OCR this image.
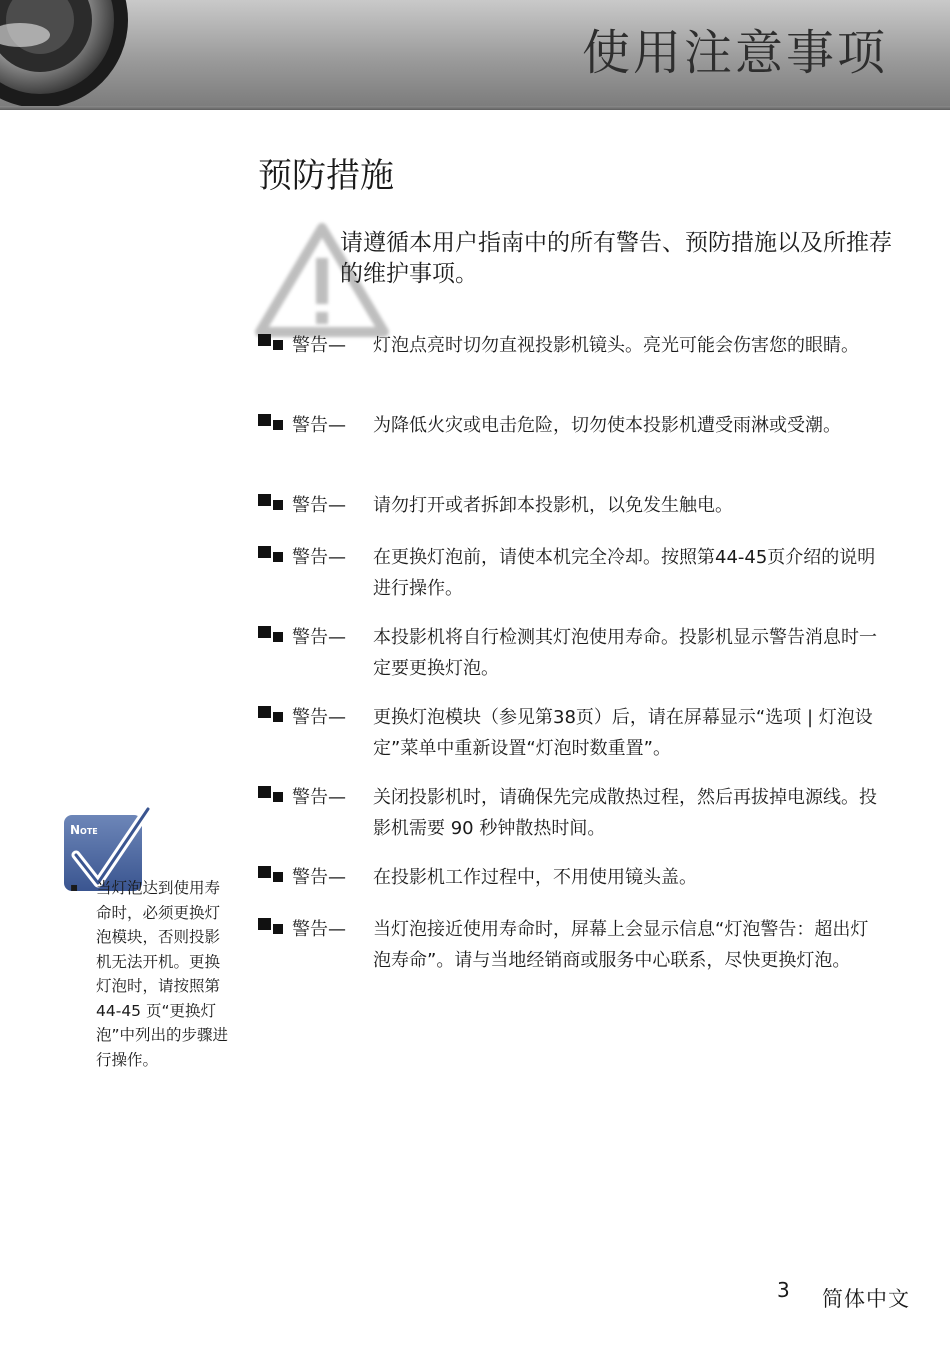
使用注意事项
预防措施
请遵循本用户指南中的所有警告、预防措施以及所推荐的维护事项。
警告— 灯泡点亮时切勿直视投影机镜头。亮光可能会伤害您的眼睛。
警告— 为降低火灾或电击危险，切勿使本投影机遭受雨淋或受潮。
警告— 请勿打开或者拆卸本投影机，以免发生触电。
警告— 在更换灯泡前，请使本机完全冷却。按照第44-45页介绍的说明进行操作。
警告— 本投影机将自行检测其灯泡使用寿命。投影机显示警告消息时一定要更换灯泡。
警告— 更换灯泡模块（参见第38页）后，请在屏幕显示“选项 | 灯泡设定”菜单中重新设置“灯泡时数重置”。
警告— 关闭投影机时，请确保先完成散热过程，然后再拔掉电源线。投影机需要 90 秒钟散热时间。
警告— 在投影机工作过程中，不用使用镜头盖。
警告— 当灯泡接近使用寿命时，屏幕上会显示信息“灯泡警告：超出灯泡寿命”。请与当地经销商或服务中心联系，尽快更换灯泡。
Note
▪ 当灯泡达到使用寿命时，必须更换灯泡模块，否则投影机无法开机。更换灯泡时，请按照第 44-45 页“更换灯泡”中列出的步骤进行操作。
3 简体中文
